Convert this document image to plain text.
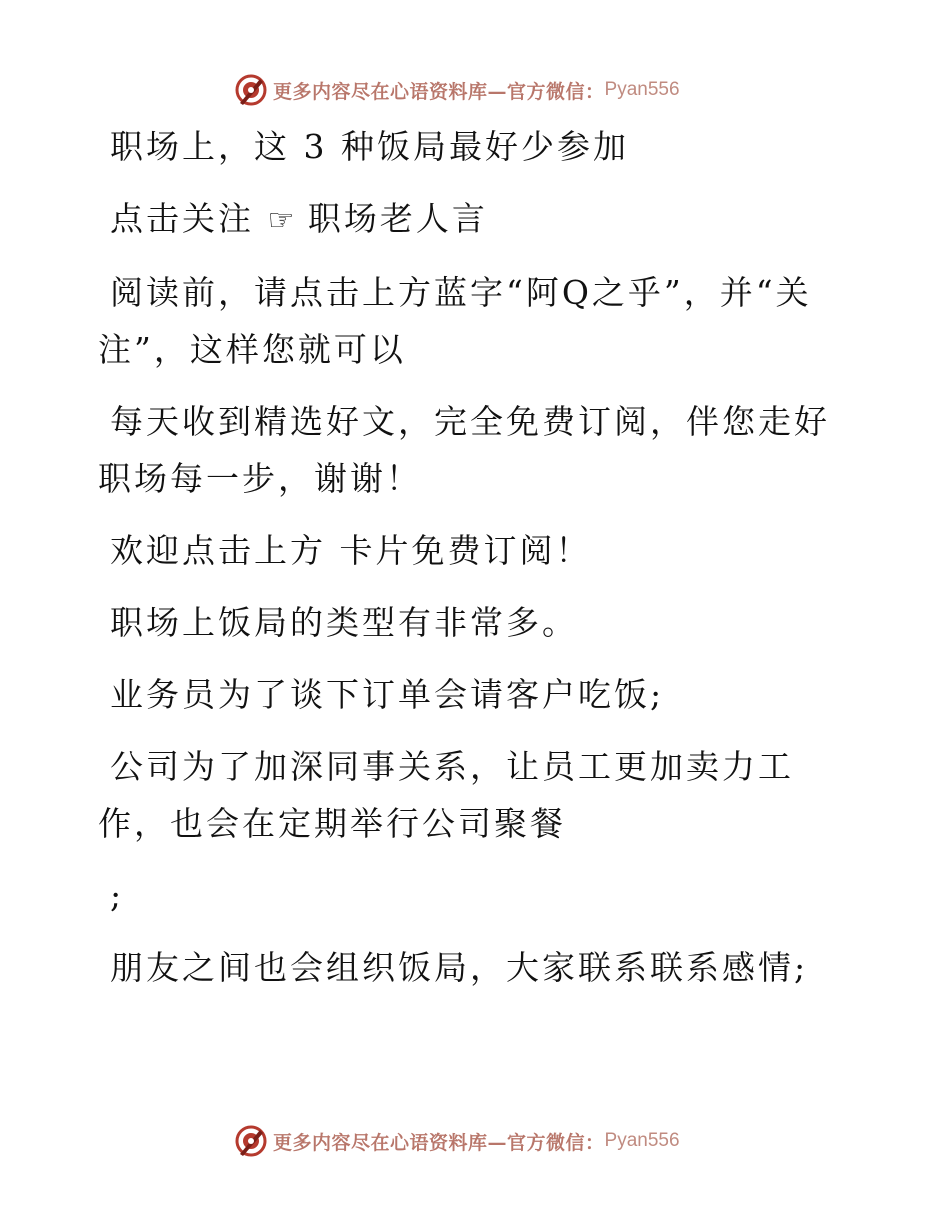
更多内容尽在心语资料库—官方微信： Pyan556

职场上，这 3 种饭局最好少参加

点击关注 ☞ 职场老人言

阅读前，请点击上方蓝字“阿Q之乎”，并“关注”，这样您就可以

每天收到精选好文，完全免费订阅，伴您走好职场每一步，谢谢！

欢迎点击上方 卡片免费订阅！

职场上饭局的类型有非常多。

业务员为了谈下订单会请客户吃饭;

公司为了加深同事关系，让员工更加卖力工作，也会在定期举行公司聚餐

;

朋友之间也会组织饭局，大家联系联系感情;

更多内容尽在心语资料库—官方微信： Pyan556
